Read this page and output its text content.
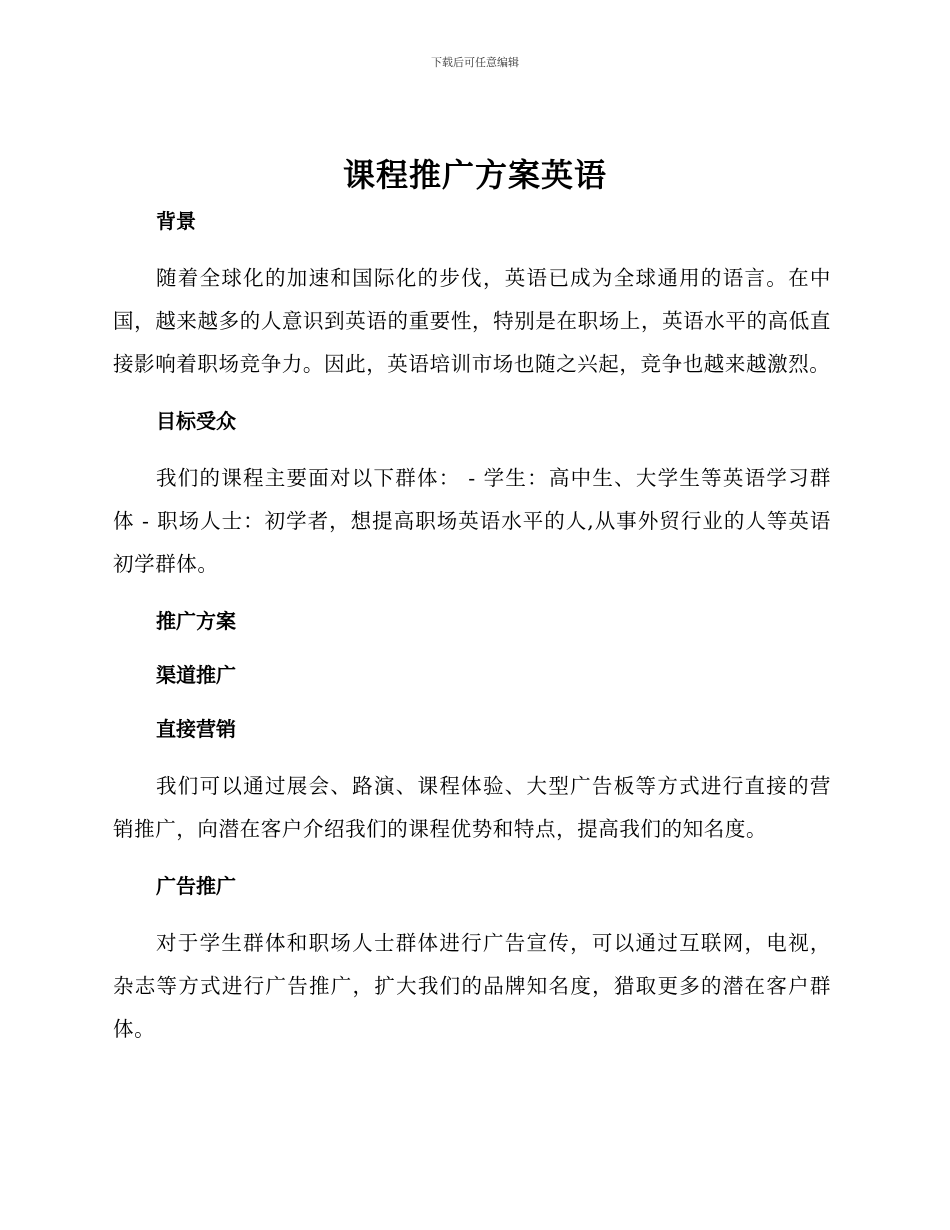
下载后可任意编辑
课程推广方案英语

背景

随着全球化的加速和国际化的步伐，英语已成为全球通用的语言。在中国，越来越多的人意识到英语的重要性，特别是在职场上，英语水平的高低直接影响着职场竞争力。因此，英语培训市场也随之兴起，竞争也越来越激烈。

目标受众

我们的课程主要面对以下群体： - 学生：高中生、大学生等英语学习群体 - 职场人士：初学者，想提高职场英语水平的人,从事外贸行业的人等英语初学群体。

推广方案

渠道推广

直接营销

我们可以通过展会、路演、课程体验、大型广告板等方式进行直接的营销推广，向潜在客户介绍我们的课程优势和特点，提高我们的知名度。

广告推广

对于学生群体和职场人士群体进行广告宣传，可以通过互联网，电视，杂志等方式进行广告推广，扩大我们的品牌知名度，猎取更多的潜在客户群体。
